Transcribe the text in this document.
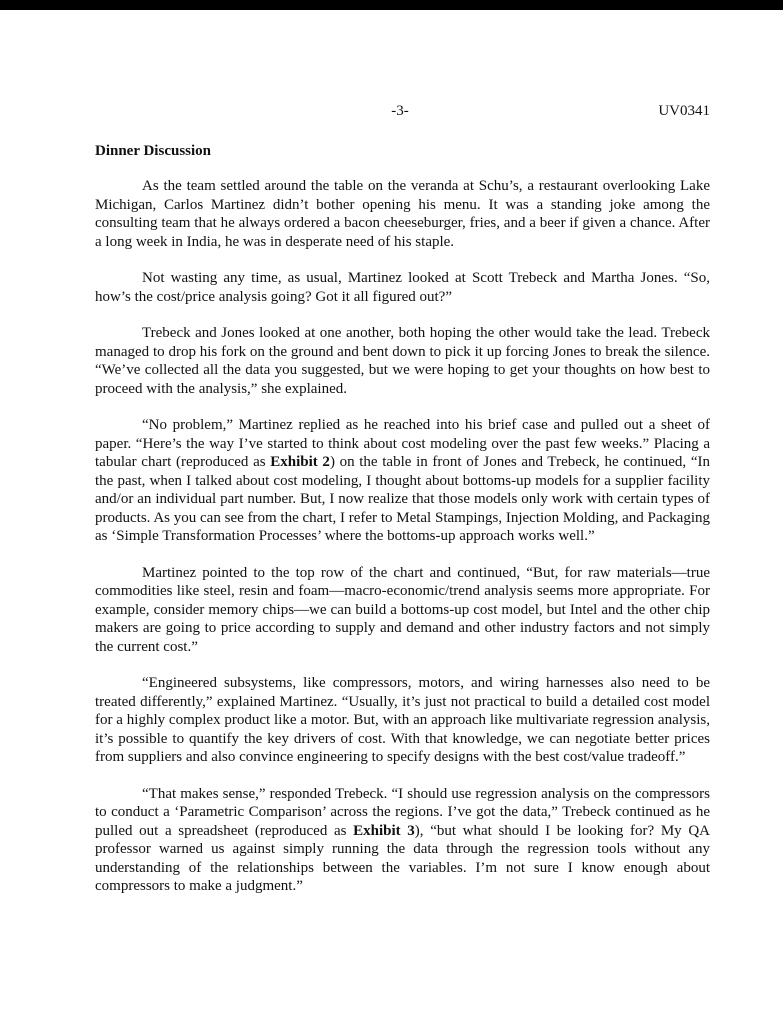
-3-	UV0341
Dinner Discussion

As the team settled around the table on the veranda at Schu’s, a restaurant overlooking Lake Michigan, Carlos Martinez didn’t bother opening his menu. It was a standing joke among the consulting team that he always ordered a bacon cheeseburger, fries, and a beer if given a chance. After a long week in India, he was in desperate need of his staple.

Not wasting any time, as usual, Martinez looked at Scott Trebeck and Martha Jones. “So, how’s the cost/price analysis going? Got it all figured out?”

Trebeck and Jones looked at one another, both hoping the other would take the lead. Trebeck managed to drop his fork on the ground and bent down to pick it up forcing Jones to break the silence. “We’ve collected all the data you suggested, but we were hoping to get your thoughts on how best to proceed with the analysis,” she explained.

“No problem,” Martinez replied as he reached into his brief case and pulled out a sheet of paper. “Here’s the way I’ve started to think about cost modeling over the past few weeks.” Placing a tabular chart (reproduced as Exhibit 2) on the table in front of Jones and Trebeck, he continued, “In the past, when I talked about cost modeling, I thought about bottoms-up models for a supplier facility and/or an individual part number. But, I now realize that those models only work with certain types of products. As you can see from the chart, I refer to Metal Stampings, Injection Molding, and Packaging as ‘Simple Transformation Processes’ where the bottoms-up approach works well.”

Martinez pointed to the top row of the chart and continued, “But, for raw materials—true commodities like steel, resin and foam—macro-economic/trend analysis seems more appropriate. For example, consider memory chips—we can build a bottoms-up cost model, but Intel and the other chip makers are going to price according to supply and demand and other industry factors and not simply the current cost.”

“Engineered subsystems, like compressors, motors, and wiring harnesses also need to be treated differently,” explained Martinez. “Usually, it’s just not practical to build a detailed cost model for a highly complex product like a motor. But, with an approach like multivariate regression analysis, it’s possible to quantify the key drivers of cost. With that knowledge, we can negotiate better prices from suppliers and also convince engineering to specify designs with the best cost/value tradeoff.”

“That makes sense,” responded Trebeck. “I should use regression analysis on the compressors to conduct a ‘Parametric Comparison’ across the regions. I’ve got the data,” Trebeck continued as he pulled out a spreadsheet (reproduced as Exhibit 3), “but what should I be looking for? My QA professor warned us against simply running the data through the regression tools without any understanding of the relationships between the variables. I’m not sure I know enough about compressors to make a judgment.”
